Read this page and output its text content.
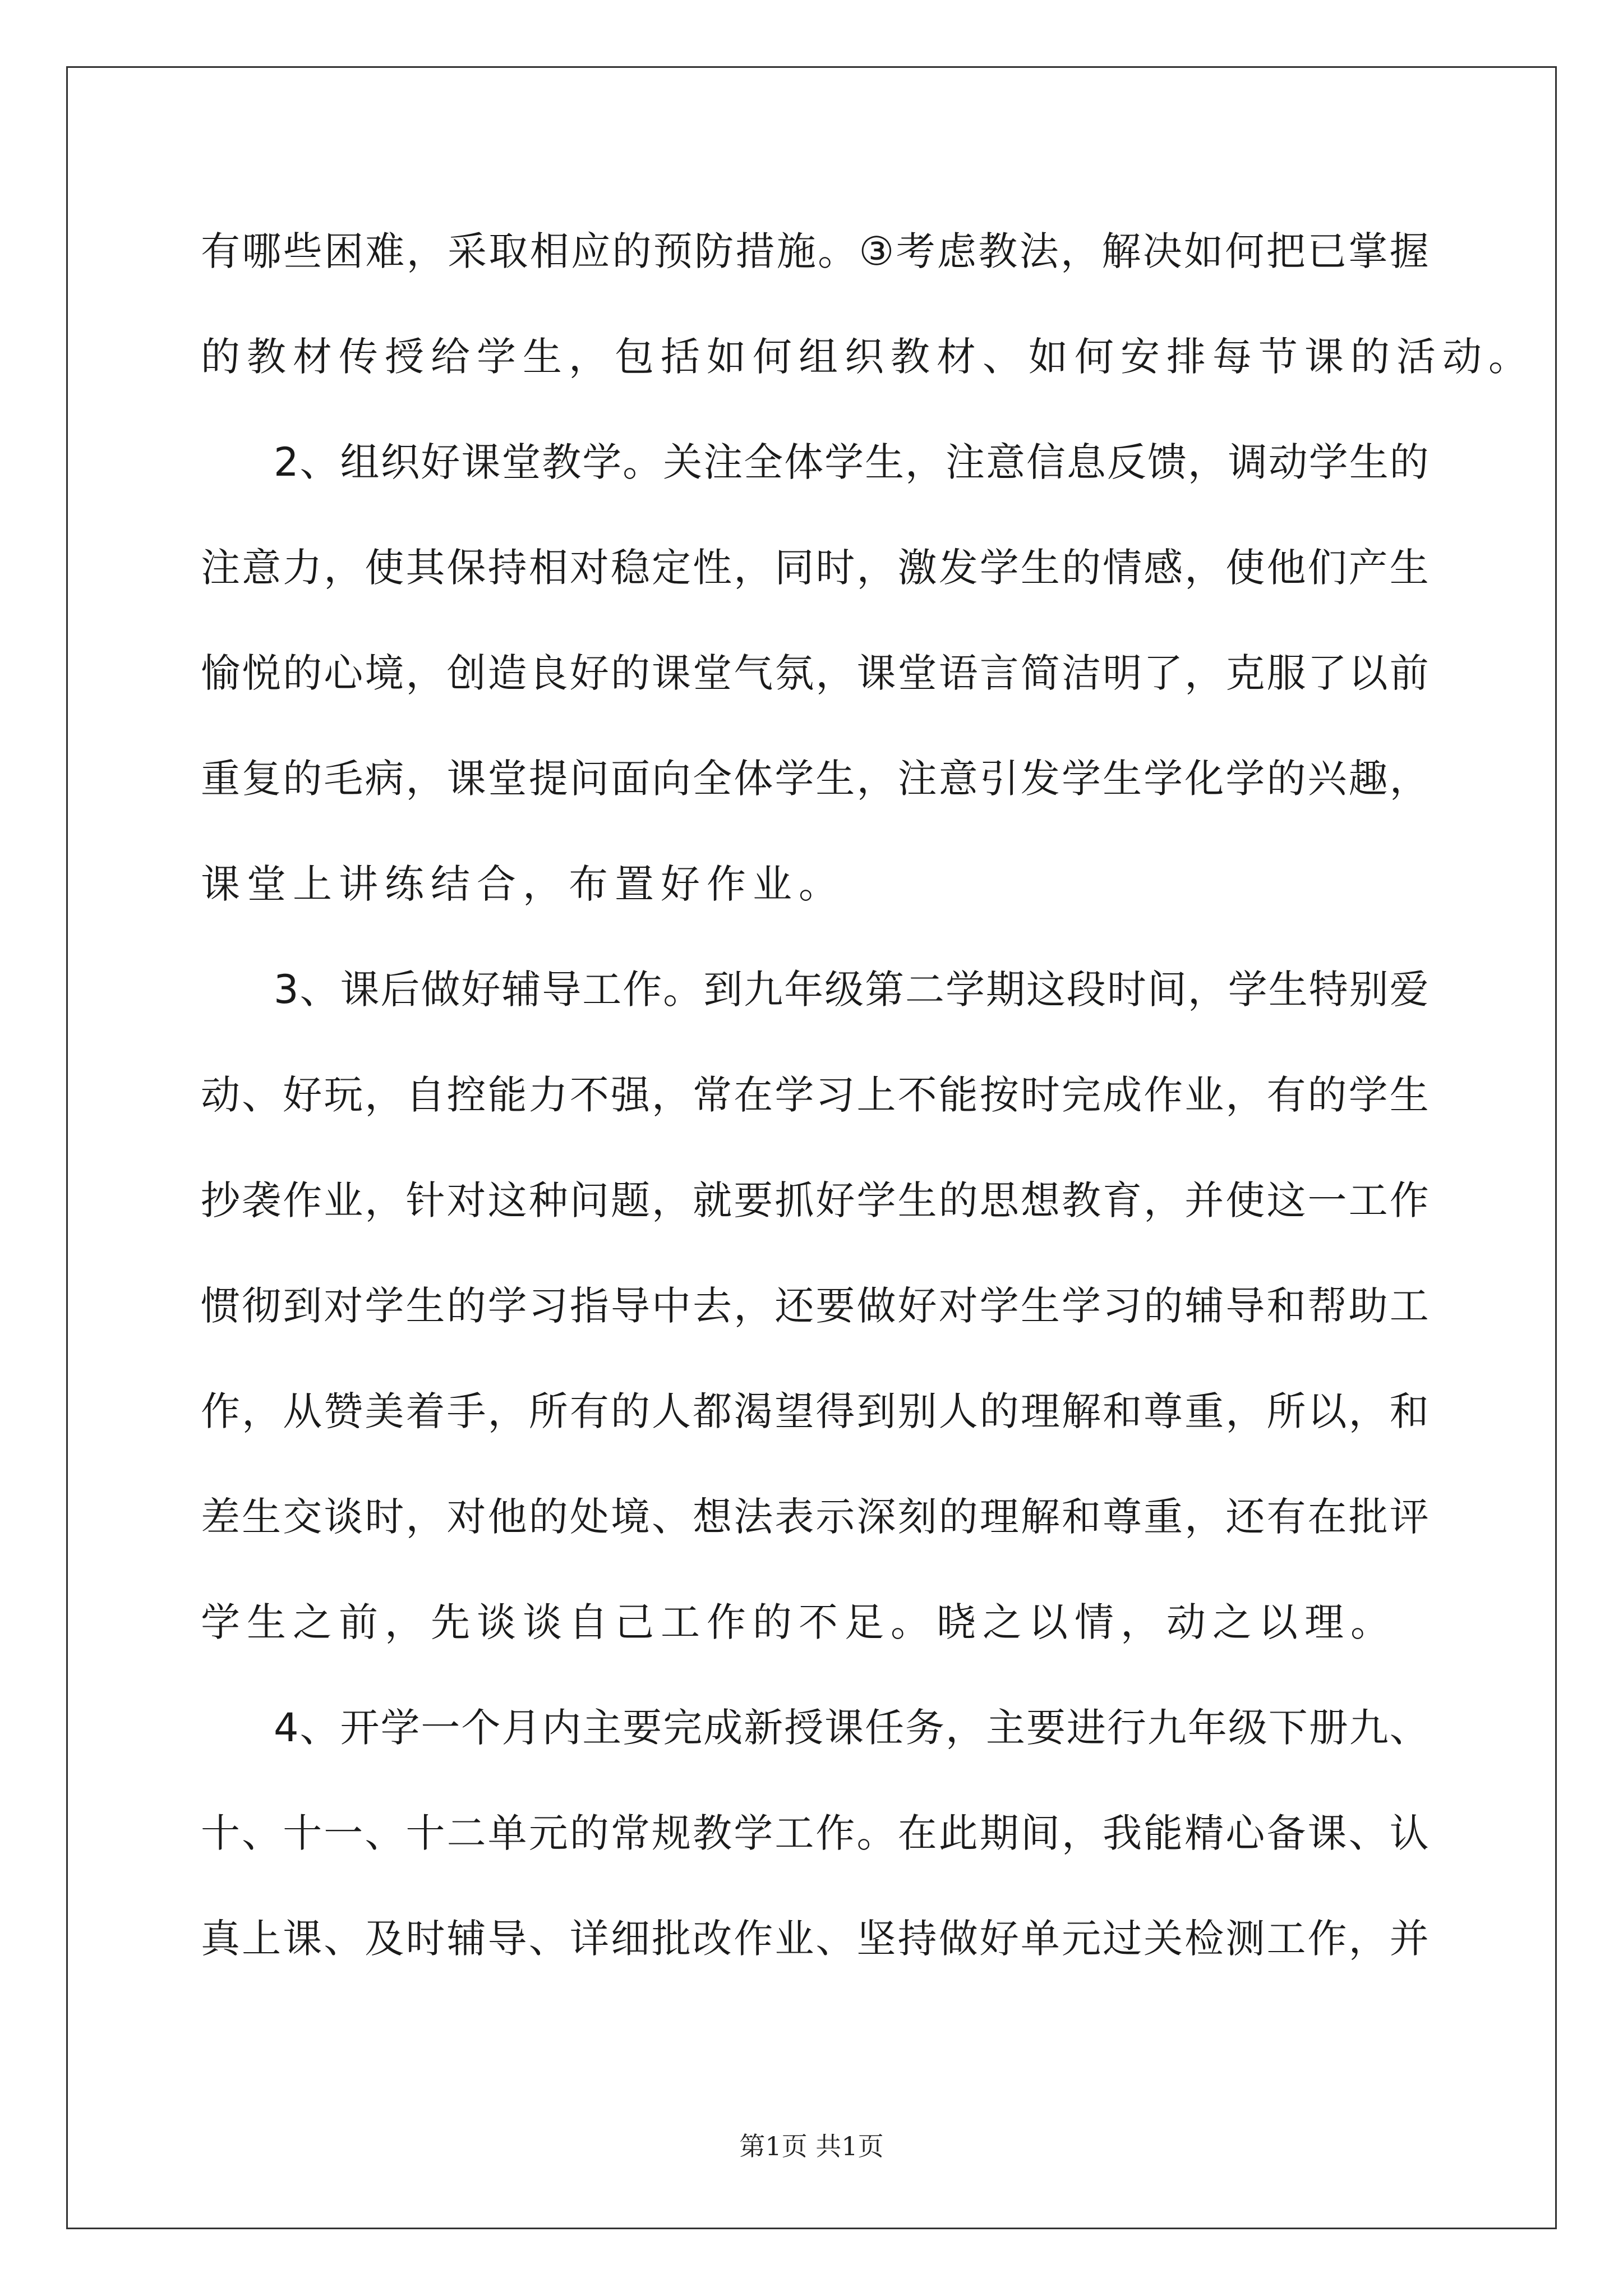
有 哪 些 困 难 ， 采 取 相 应 的 预 防 措 施 。 ③ 考 虑 教 法 ， 解 决 如 何 把 已 掌 握
的 教 材 传 授 给 学 生 ， 包 括 如 何 组 织 教 材 、 如 何 安 排 每 节 课 的 活 动 。
2 、 组 织 好 课 堂 教 学 。 关 注 全 体 学 生 ， 注 意 信 息 反 馈 ， 调 动 学 生 的
注 意 力 ， 使 其 保 持 相 对 稳 定 性 ， 同 时 ， 激 发 学 生 的 情 感 ， 使 他 们 产 生
愉 悦 的 心 境 ， 创 造 良 好 的 课 堂 气 氛 ， 课 堂 语 言 简 洁 明 了 ， 克 服 了 以 前
重 复 的 毛 病 ， 课 堂 提 问 面 向 全 体 学 生 ， 注 意 引 发 学 生 学 化 学 的 兴 趣 ，
课 堂 上 讲 练 结 合 ， 布 置 好 作 业 。
3 、 课 后 做 好 辅 导 工 作 。 到 九 年 级 第 二 学 期 这 段 时 间 ， 学 生 特 别 爱
动 、 好 玩 ， 自 控 能 力 不 强 ， 常 在 学 习 上 不 能 按 时 完 成 作 业 ， 有 的 学 生
抄 袭 作 业 ， 针 对 这 种 问 题 ， 就 要 抓 好 学 生 的 思 想 教 育 ， 并 使 这 一 工 作
惯 彻 到 对 学 生 的 学 习 指 导 中 去 ， 还 要 做 好 对 学 生 学 习 的 辅 导 和 帮 助 工
作 ， 从 赞 美 着 手 ， 所 有 的 人 都 渴 望 得 到 别 人 的 理 解 和 尊 重 ， 所 以 ， 和
差 生 交 谈 时 ， 对 他 的 处 境 、 想 法 表 示 深 刻 的 理 解 和 尊 重 ， 还 有 在 批 评
学 生 之 前 ， 先 谈 谈 自 己 工 作 的 不 足 。 晓 之 以 情 ， 动 之 以 理 。
4 、 开 学 一 个 月 内 主 要 完 成 新 授 课 任 务 ， 主 要 进 行 九 年 级 下 册 九 、
十 、 十 一 、 十 二 单 元 的 常 规 教 学 工 作 。 在 此 期 间 ， 我 能 精 心 备 课 、 认
真 上 课 、 及 时 辅 导 、 详 细 批 改 作 业 、 坚 持 做 好 单 元 过 关 检 测 工 作 ， 并
第1页 共1页
